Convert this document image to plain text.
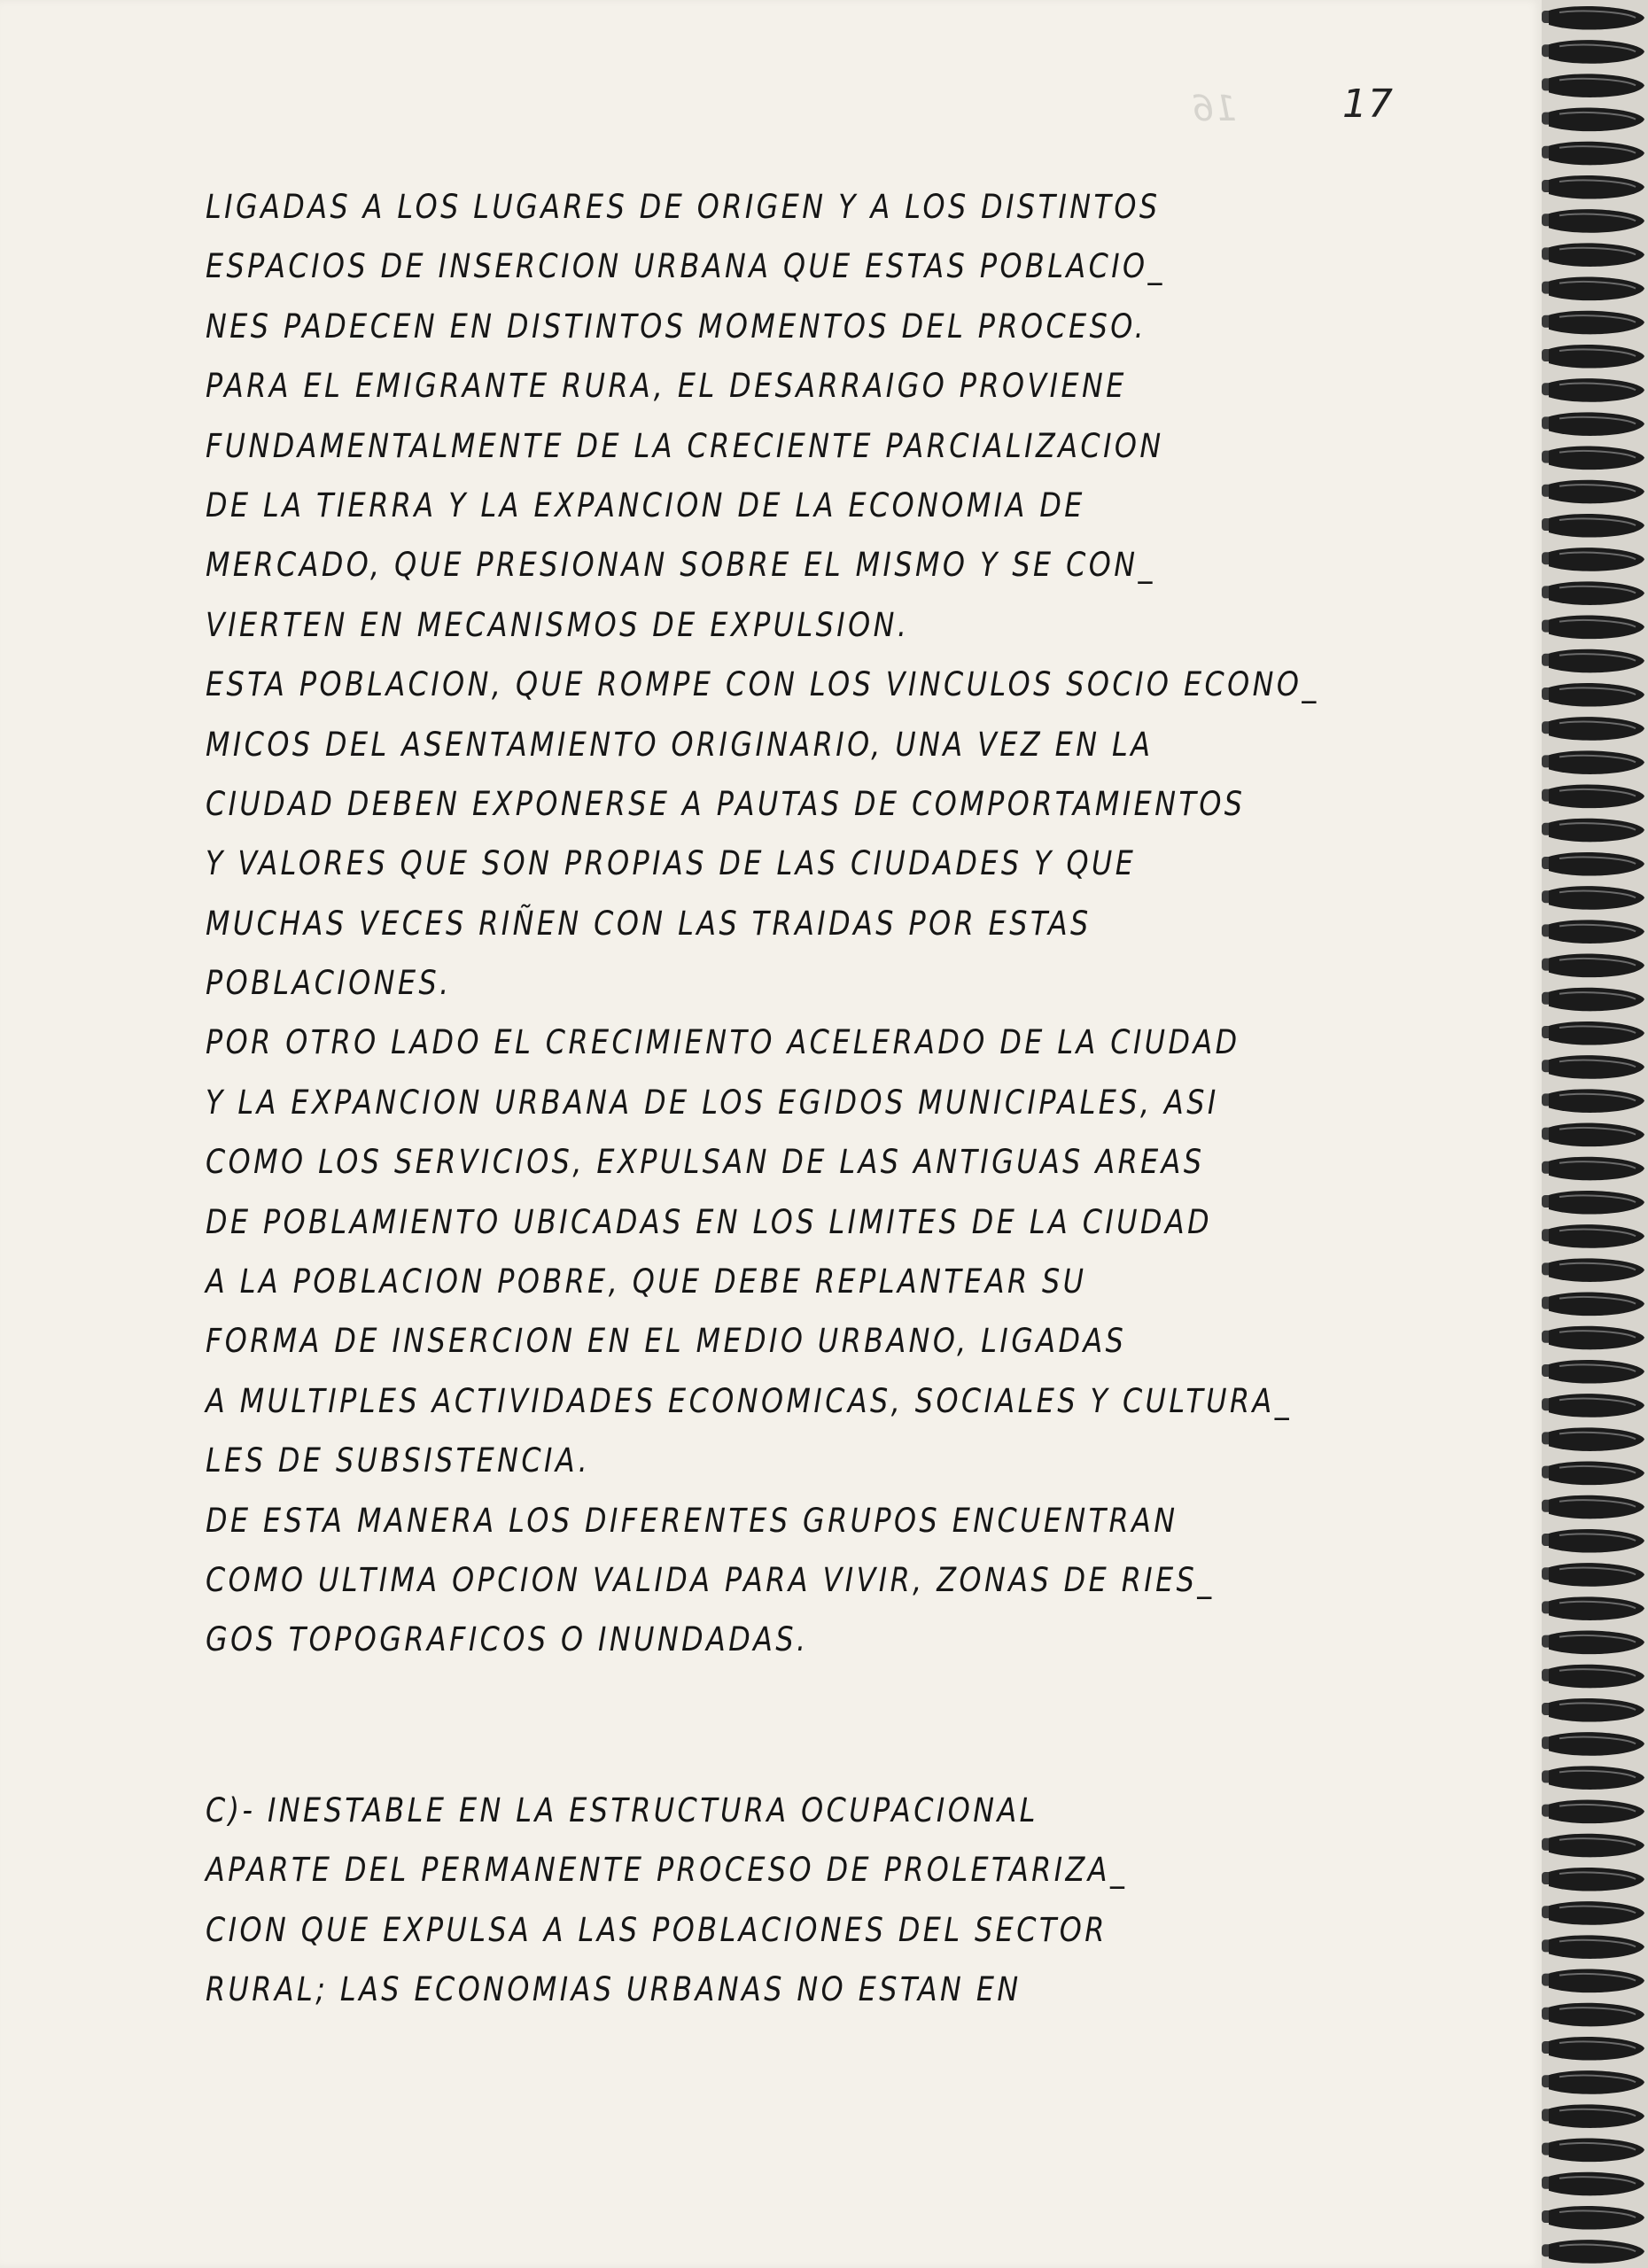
16	17
LIGADAS A LOS LUGARES DE ORIGEN Y A LOS DISTINTOS
ESPACIOS DE INSERCION URBANA QUE ESTAS POBLACIO_
NES PADECEN EN DISTINTOS MOMENTOS DEL PROCESO.
PARA EL EMIGRANTE RURA, EL DESARRAIGO PROVIENE
FUNDAMENTALMENTE DE LA CRECIENTE PARCIALIZACION
DE LA TIERRA Y LA EXPANCION DE LA ECONOMIA DE
MERCADO, QUE PRESIONAN SOBRE EL MISMO Y SE CON_
VIERTEN EN MECANISMOS DE EXPULSION.
ESTA POBLACION, QUE ROMPE CON LOS VINCULOS SOCIO ECONO_
MICOS DEL ASENTAMIENTO ORIGINARIO, UNA VEZ EN LA
CIUDAD DEBEN EXPONERSE A PAUTAS DE COMPORTAMIENTOS
Y VALORES QUE SON PROPIAS DE LAS CIUDADES Y QUE
MUCHAS VECES RIÑEN CON LAS TRAIDAS POR ESTAS
POBLACIONES.
POR OTRO LADO EL CRECIMIENTO ACELERADO DE LA CIUDAD
Y LA EXPANCION URBANA DE LOS EGIDOS MUNICIPALES, ASI
COMO LOS SERVICIOS, EXPULSAN DE LAS ANTIGUAS AREAS
DE POBLAMIENTO UBICADAS EN LOS LIMITES DE LA CIUDAD
A LA POBLACION POBRE, QUE DEBE REPLANTEAR SU
FORMA DE INSERCION EN EL MEDIO URBANO, LIGADAS
A MULTIPLES ACTIVIDADES ECONOMICAS, SOCIALES Y CULTURA_
LES DE SUBSISTENCIA.
DE ESTA MANERA LOS DIFERENTES GRUPOS ENCUENTRAN
COMO ULTIMA OPCION VALIDA PARA VIVIR, ZONAS DE RIES_
GOS TOPOGRAFICOS O INUNDADAS.
C)- INESTABLE EN LA ESTRUCTURA OCUPACIONAL
APARTE DEL PERMANENTE PROCESO DE PROLETARIZA_
CION QUE EXPULSA A LAS POBLACIONES DEL SECTOR
RURAL; LAS ECONOMIAS URBANAS NO ESTAN EN
